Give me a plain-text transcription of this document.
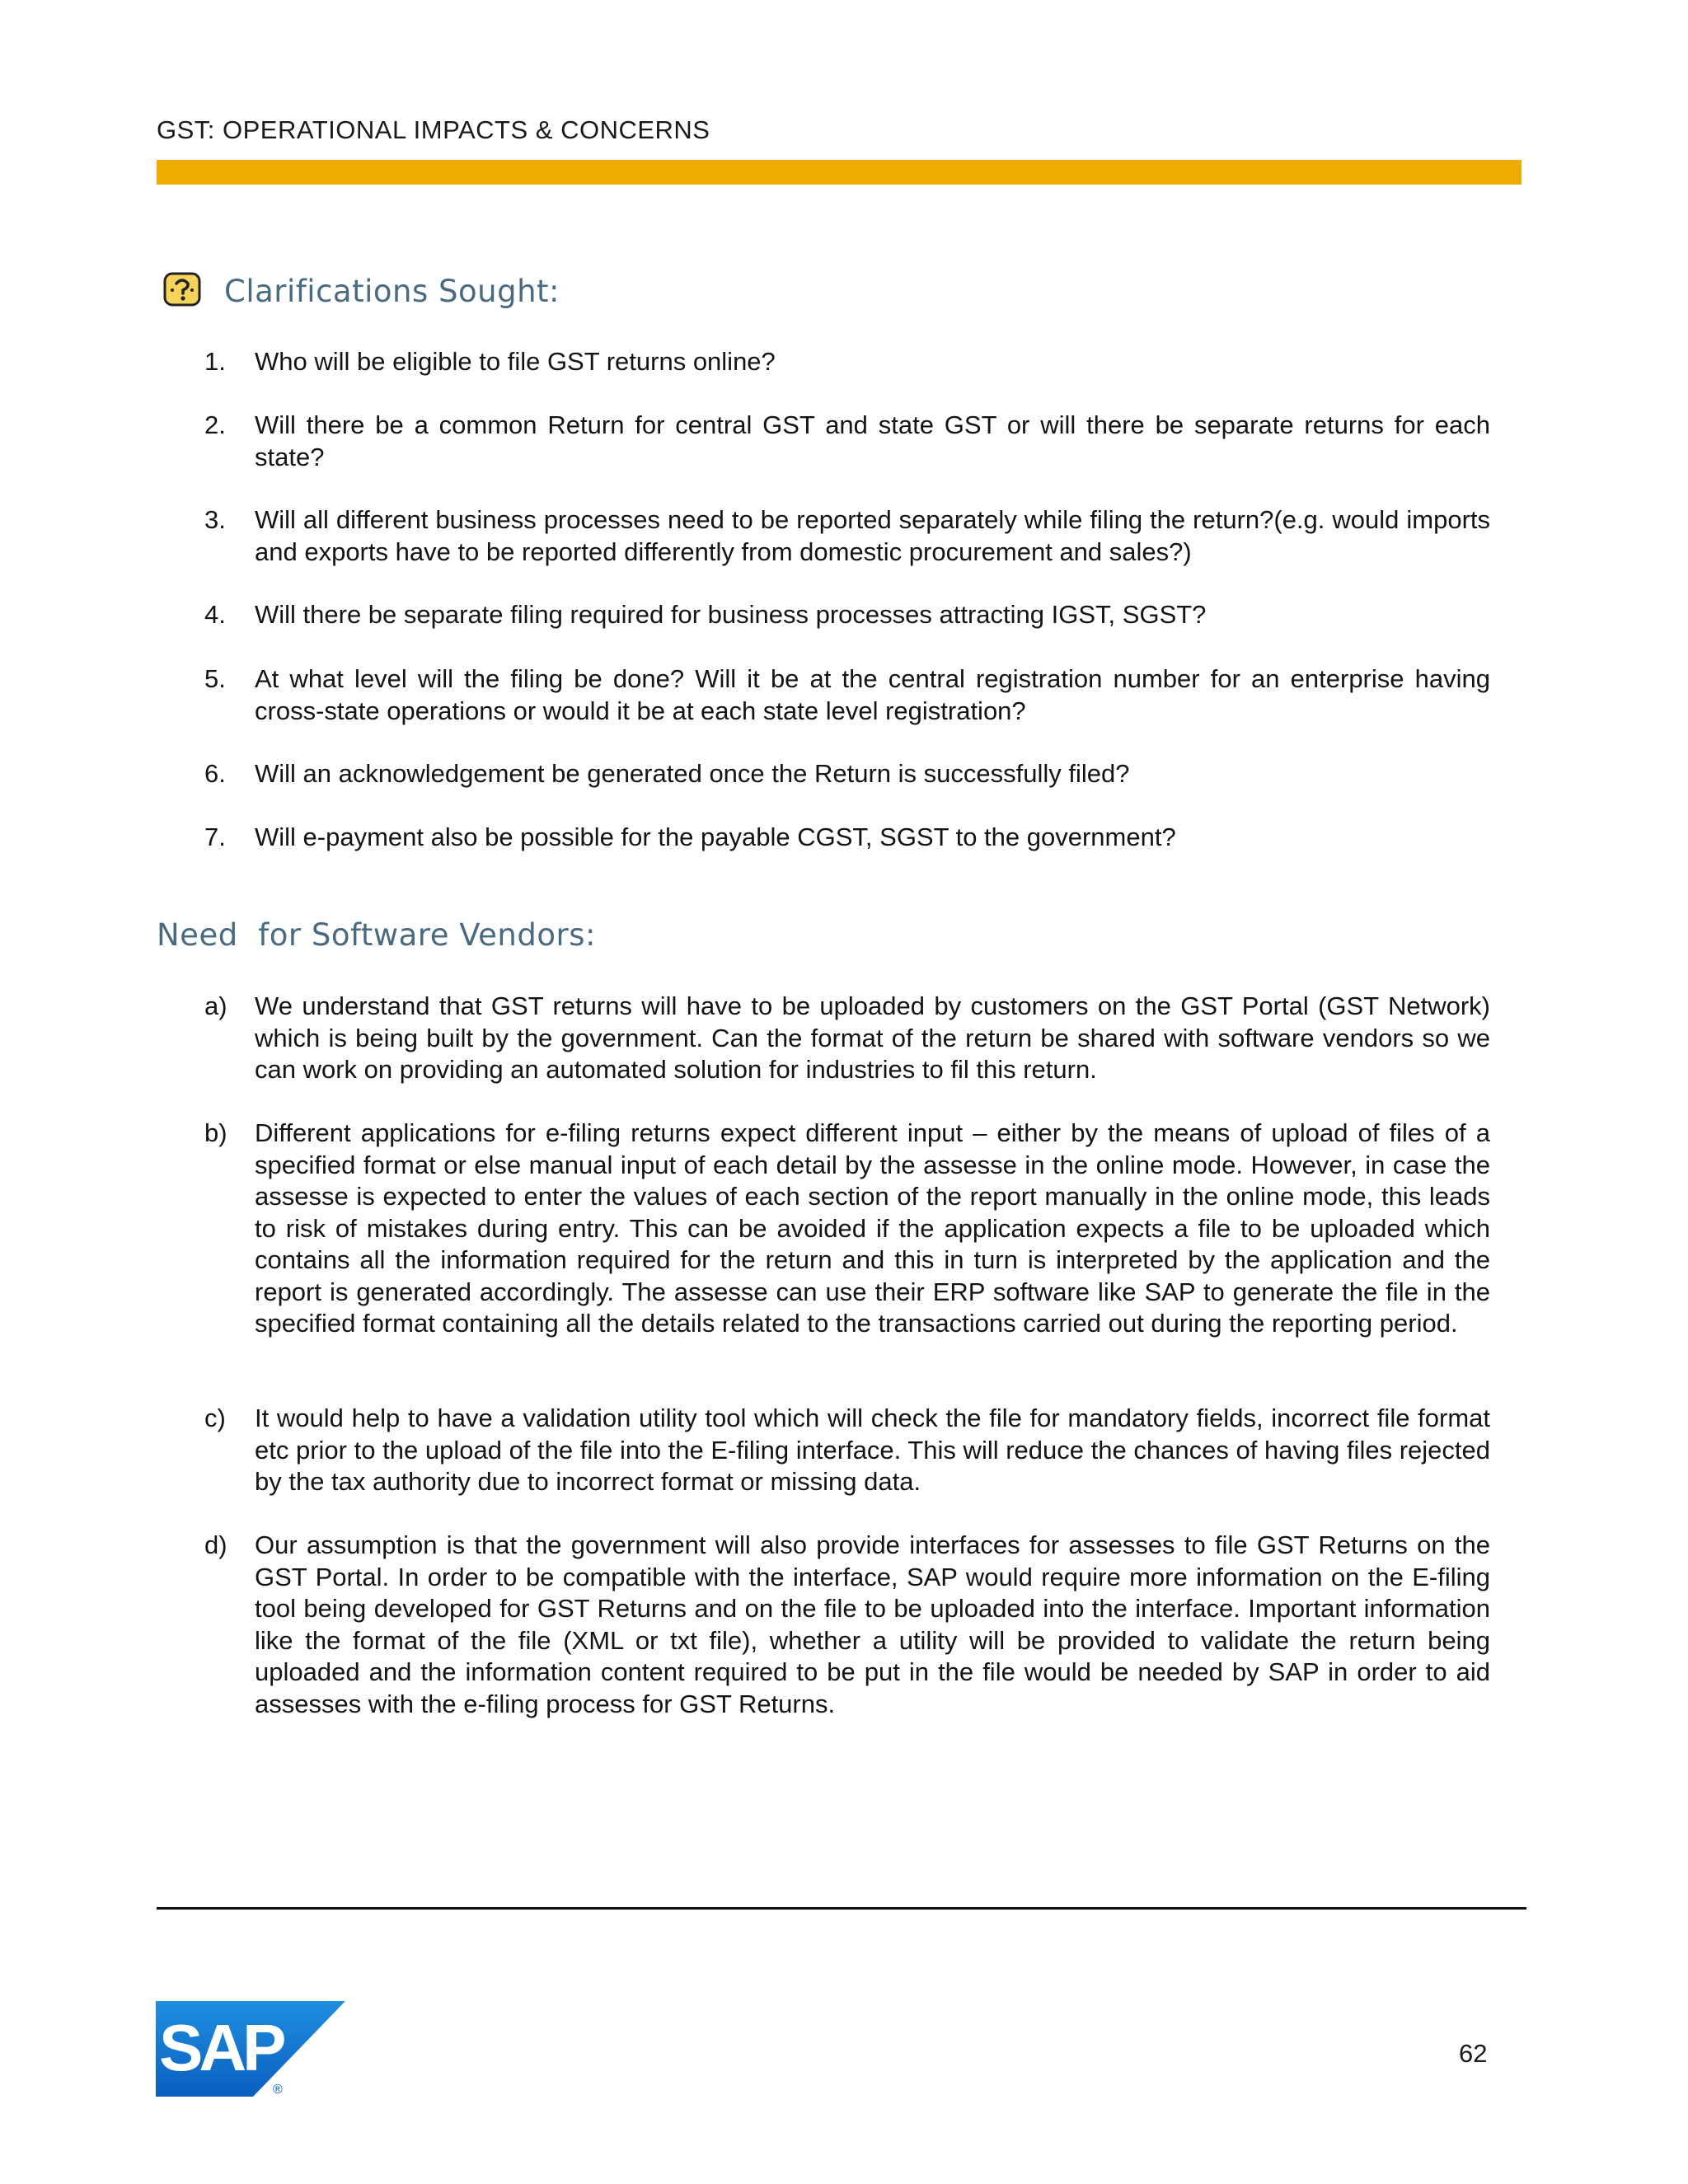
GST: OPERATIONAL IMPACTS & CONCERNS
Clarifications Sought:
1. Who will be eligible to file GST returns online?
2. Will there be a common Return for central GST and state GST or will there be separate returns for each state?
3. Will all different business processes need to be reported separately while filing the return?(e.g. would imports and exports have to be reported differently from domestic procurement and sales?)
4. Will there be separate filing required for business processes attracting IGST, SGST?
5. At what level will the filing be done? Will it be at the central registration number for an enterprise having cross-state operations or would it be at each state level registration?
6. Will an acknowledgement be generated once the Return is successfully filed?
7. Will e-payment also be possible for the payable CGST, SGST to the government?
Need  for Software Vendors:
a) We understand that GST returns will have to be uploaded by customers on the GST Portal (GST Network) which is being built by the government. Can the format of the return be shared with software vendors so we can work on providing an automated solution for industries to fil this return.
b) Different applications for e-filing returns expect different input – either by the means of upload of files of a specified format or else manual input of each detail by the assesse in the online mode. However, in case the assesse is expected to enter the values of each section of the report manually in the online mode, this leads to risk of mistakes during entry. This can be avoided if the application expects a file to be uploaded which contains all the information required for the return and this in turn is interpreted by the application and the report is generated accordingly. The assesse can use their ERP software like SAP to generate the file in the specified format containing all the details related to the transactions carried out during the reporting period.
c) It would help to have a validation utility tool which will check the file for mandatory fields, incorrect file format etc prior to the upload of the file into the E-filing interface. This will reduce the chances of having files rejected by the tax authority due to incorrect format or missing data.
d) Our assumption is that the government will also provide interfaces for assesses to file GST Returns on the GST Portal. In order to be compatible with the interface, SAP would require more information on the E-filing tool being developed for GST Returns and on the file to be uploaded into the interface. Important information like the format of the file (XML or txt file), whether a utility will be provided to validate the return being uploaded and the information content required to be put in the file would be needed by SAP in order to aid assesses with the e-filing process for GST Returns.
SAP
®
62
